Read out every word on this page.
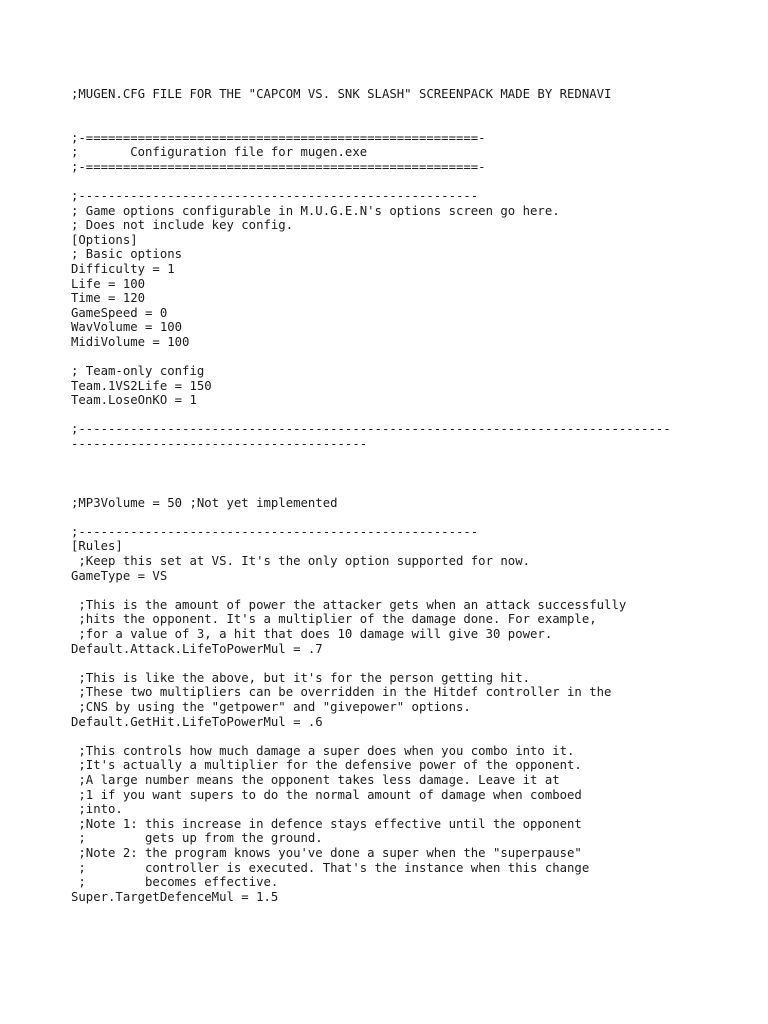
;MUGEN.CFG FILE FOR THE "CAPCOM VS. SNK SLASH" SCREENPACK MADE BY REDNAVI
;-=====================================================-
;       Configuration file for mugen.exe
;-=====================================================-
;------------------------------------------------------
; Game options configurable in M.U.G.E.N's options screen go here.
; Does not include key config.
[Options]
; Basic options
Difficulty = 1
Life = 100
Time = 120
GameSpeed = 0
WavVolume = 100
MidiVolume = 100
; Team-only config
Team.1VS2Life = 150
Team.LoseOnKO = 1
;--------------------------------------------------------------------------------
----------------------------------------
;MP3Volume = 50 ;Not yet implemented
;------------------------------------------------------
[Rules]
;Keep this set at VS. It's the only option supported for now.
GameType = VS
;This is the amount of power the attacker gets when an attack successfully
;hits the opponent. It's a multiplier of the damage done. For example,
;for a value of 3, a hit that does 10 damage will give 30 power.
Default.Attack.LifeToPowerMul = .7
;This is like the above, but it's for the person getting hit.
;These two multipliers can be overridden in the Hitdef controller in the
;CNS by using the "getpower" and "givepower" options.
Default.GetHit.LifeToPowerMul = .6
;This controls how much damage a super does when you combo into it.
;It's actually a multiplier for the defensive power of the opponent.
;A large number means the opponent takes less damage. Leave it at
;1 if you want supers to do the normal amount of damage when comboed
;into.
;Note 1: this increase in defence stays effective until the opponent
;        gets up from the ground.
;Note 2: the program knows you've done a super when the "superpause"
;        controller is executed. That's the instance when this change
;        becomes effective.
Super.TargetDefenceMul = 1.5
